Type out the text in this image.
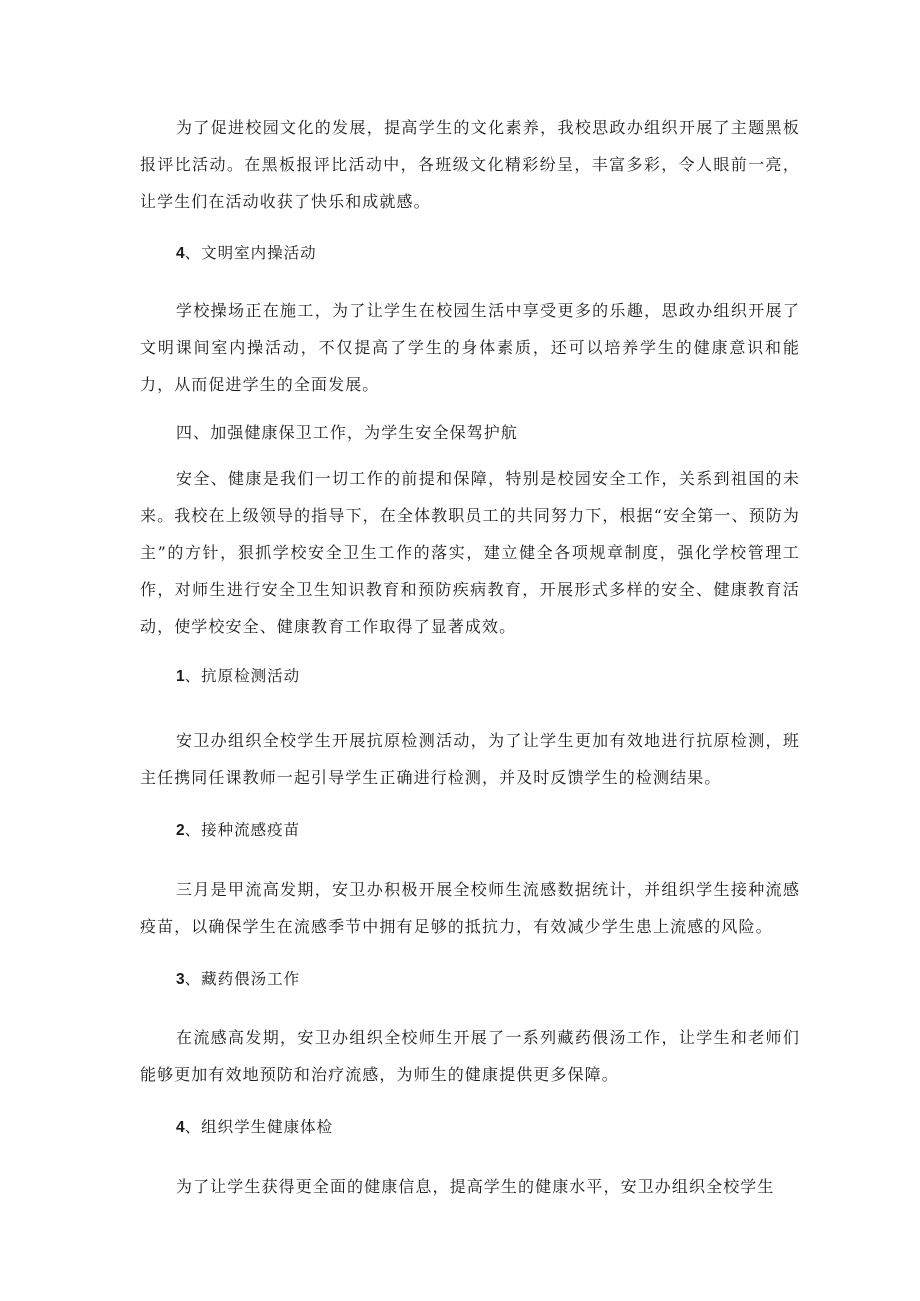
为了促进校园文化的发展，提高学生的文化素养，我校思政办组织开展了主题黑板报评比活动。在黑板报评比活动中，各班级文化精彩纷呈，丰富多彩，令人眼前一亮，让学生们在活动收获了快乐和成就感。

4、文明室内操活动

学校操场正在施工，为了让学生在校园生活中享受更多的乐趣，思政办组织开展了文明课间室内操活动，不仅提高了学生的身体素质，还可以培养学生的健康意识和能力，从而促进学生的全面发展。

四、加强健康保卫工作，为学生安全保驾护航

安全、健康是我们一切工作的前提和保障，特别是校园安全工作，关系到祖国的未来。我校在上级领导的指导下，在全体教职员工的共同努力下，根据“安全第一、预防为主”的方针，狠抓学校安全卫生工作的落实，建立健全各项规章制度，强化学校管理工作，对师生进行安全卫生知识教育和预防疾病教育，开展形式多样的安全、健康教育活动，使学校安全、健康教育工作取得了显著成效。

1、抗原检测活动

安卫办组织全校学生开展抗原检测活动，为了让学生更加有效地进行抗原检测，班主任携同任课教师一起引导学生正确进行检测，并及时反馈学生的检测结果。

2、接种流感疫苗

三月是甲流高发期，安卫办积极开展全校师生流感数据统计，并组织学生接种流感疫苗，以确保学生在流感季节中拥有足够的抵抗力，有效减少学生患上流感的风险。

3、藏药偎汤工作

在流感高发期，安卫办组织全校师生开展了一系列藏药偎汤工作，让学生和老师们能够更加有效地预防和治疗流感，为师生的健康提供更多保障。

4、组织学生健康体检

为了让学生获得更全面的健康信息，提高学生的健康水平，安卫办组织全校学生
